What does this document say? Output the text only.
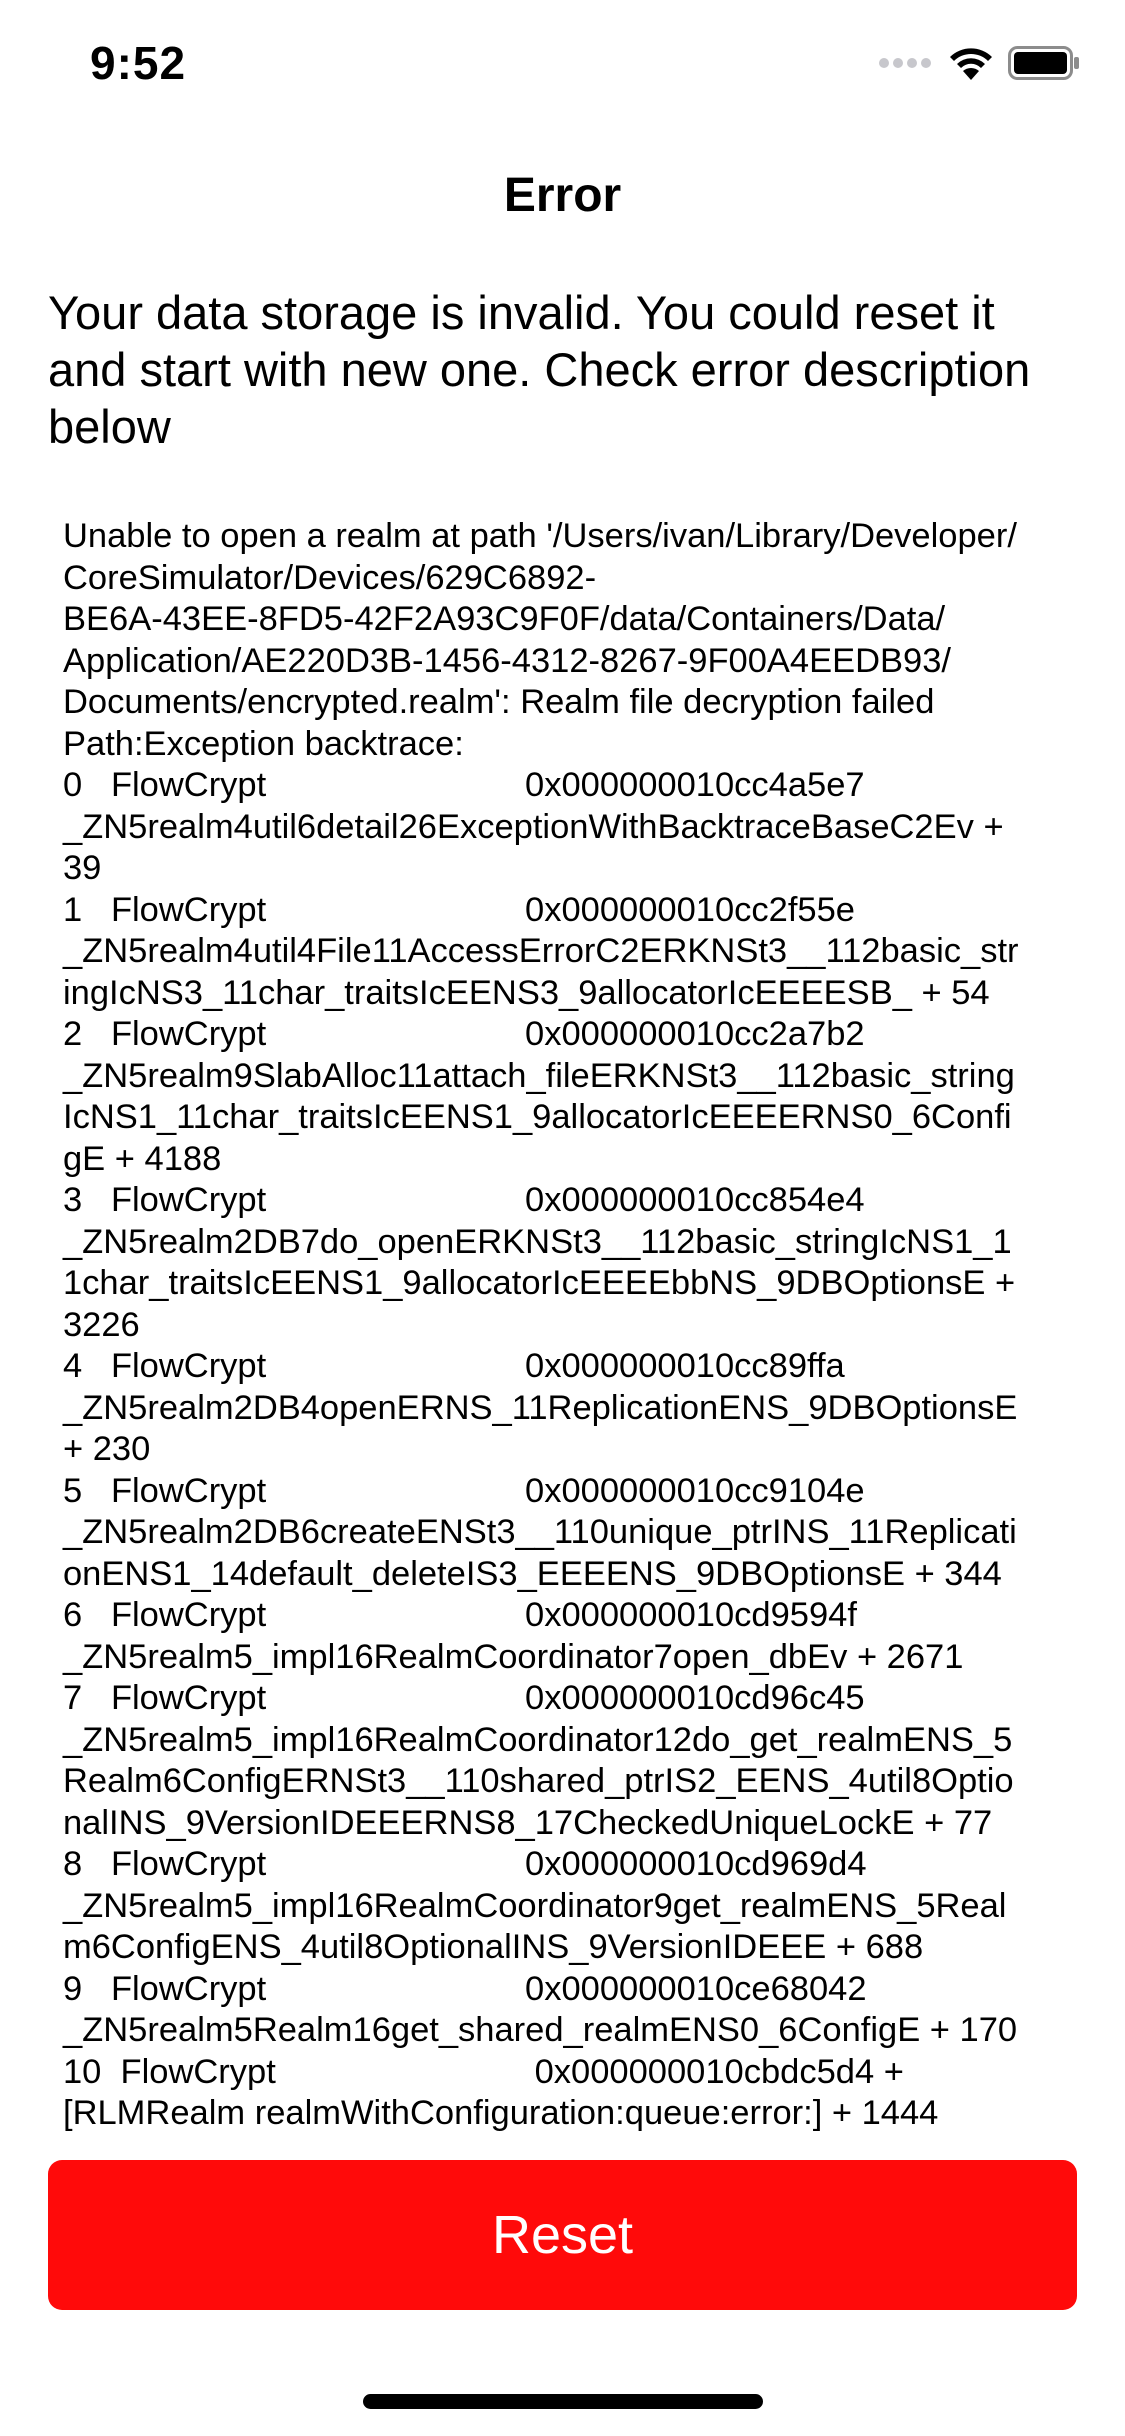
9:52
Error
Your data storage is invalid. You could reset it and start with new one. Check error description below
Unable to open a realm at path '/Users/ivan/Library/Developer/
CoreSimulator/Devices/629C6892-
BE6A-43EE-8FD5-42F2A93C9F0F/data/Containers/Data/
Application/AE220D3B-1456-4312-8267-9F00A4EEDB93/
Documents/encrypted.realm': Realm file decryption failed
Path:Exception backtrace:
0   FlowCrypt                           0x000000010cc4a5e7
_ZN5realm4util6detail26ExceptionWithBacktraceBaseC2Ev +
39
1   FlowCrypt                           0x000000010cc2f55e
_ZN5realm4util4File11AccessErrorC2ERKNSt3__112basic_str
ingIcNS3_11char_traitsIcEENS3_9allocatorIcEEEESB_ + 54
2   FlowCrypt                           0x000000010cc2a7b2
_ZN5realm9SlabAlloc11attach_fileERKNSt3__112basic_string
IcNS1_11char_traitsIcEENS1_9allocatorIcEEEERNS0_6Confi
gE + 4188
3   FlowCrypt                           0x000000010cc854e4
_ZN5realm2DB7do_openERKNSt3__112basic_stringIcNS1_1
1char_traitsIcEENS1_9allocatorIcEEEEbbNS_9DBOptionsE +
3226
4   FlowCrypt                           0x000000010cc89ffa
_ZN5realm2DB4openERNS_11ReplicationENS_9DBOptionsE
+ 230
5   FlowCrypt                           0x000000010cc9104e
_ZN5realm2DB6createENSt3__110unique_ptrINS_11Replicati
onENS1_14default_deleteIS3_EEEENS_9DBOptionsE + 344
6   FlowCrypt                           0x000000010cd9594f
_ZN5realm5_impl16RealmCoordinator7open_dbEv + 2671
7   FlowCrypt                           0x000000010cd96c45
_ZN5realm5_impl16RealmCoordinator12do_get_realmENS_5
Realm6ConfigERNSt3__110shared_ptrIS2_EENS_4util8Optio
nalINS_9VersionIDEEERNS8_17CheckedUniqueLockE + 77
8   FlowCrypt                           0x000000010cd969d4
_ZN5realm5_impl16RealmCoordinator9get_realmENS_5Real
m6ConfigENS_4util8OptionalINS_9VersionIDEEE + 688
9   FlowCrypt                           0x000000010ce68042
_ZN5realm5Realm16get_shared_realmENS0_6ConfigE + 170
10  FlowCrypt                           0x000000010cbdc5d4 +
[RLMRealm realmWithConfiguration:queue:error:] + 1444
Reset
